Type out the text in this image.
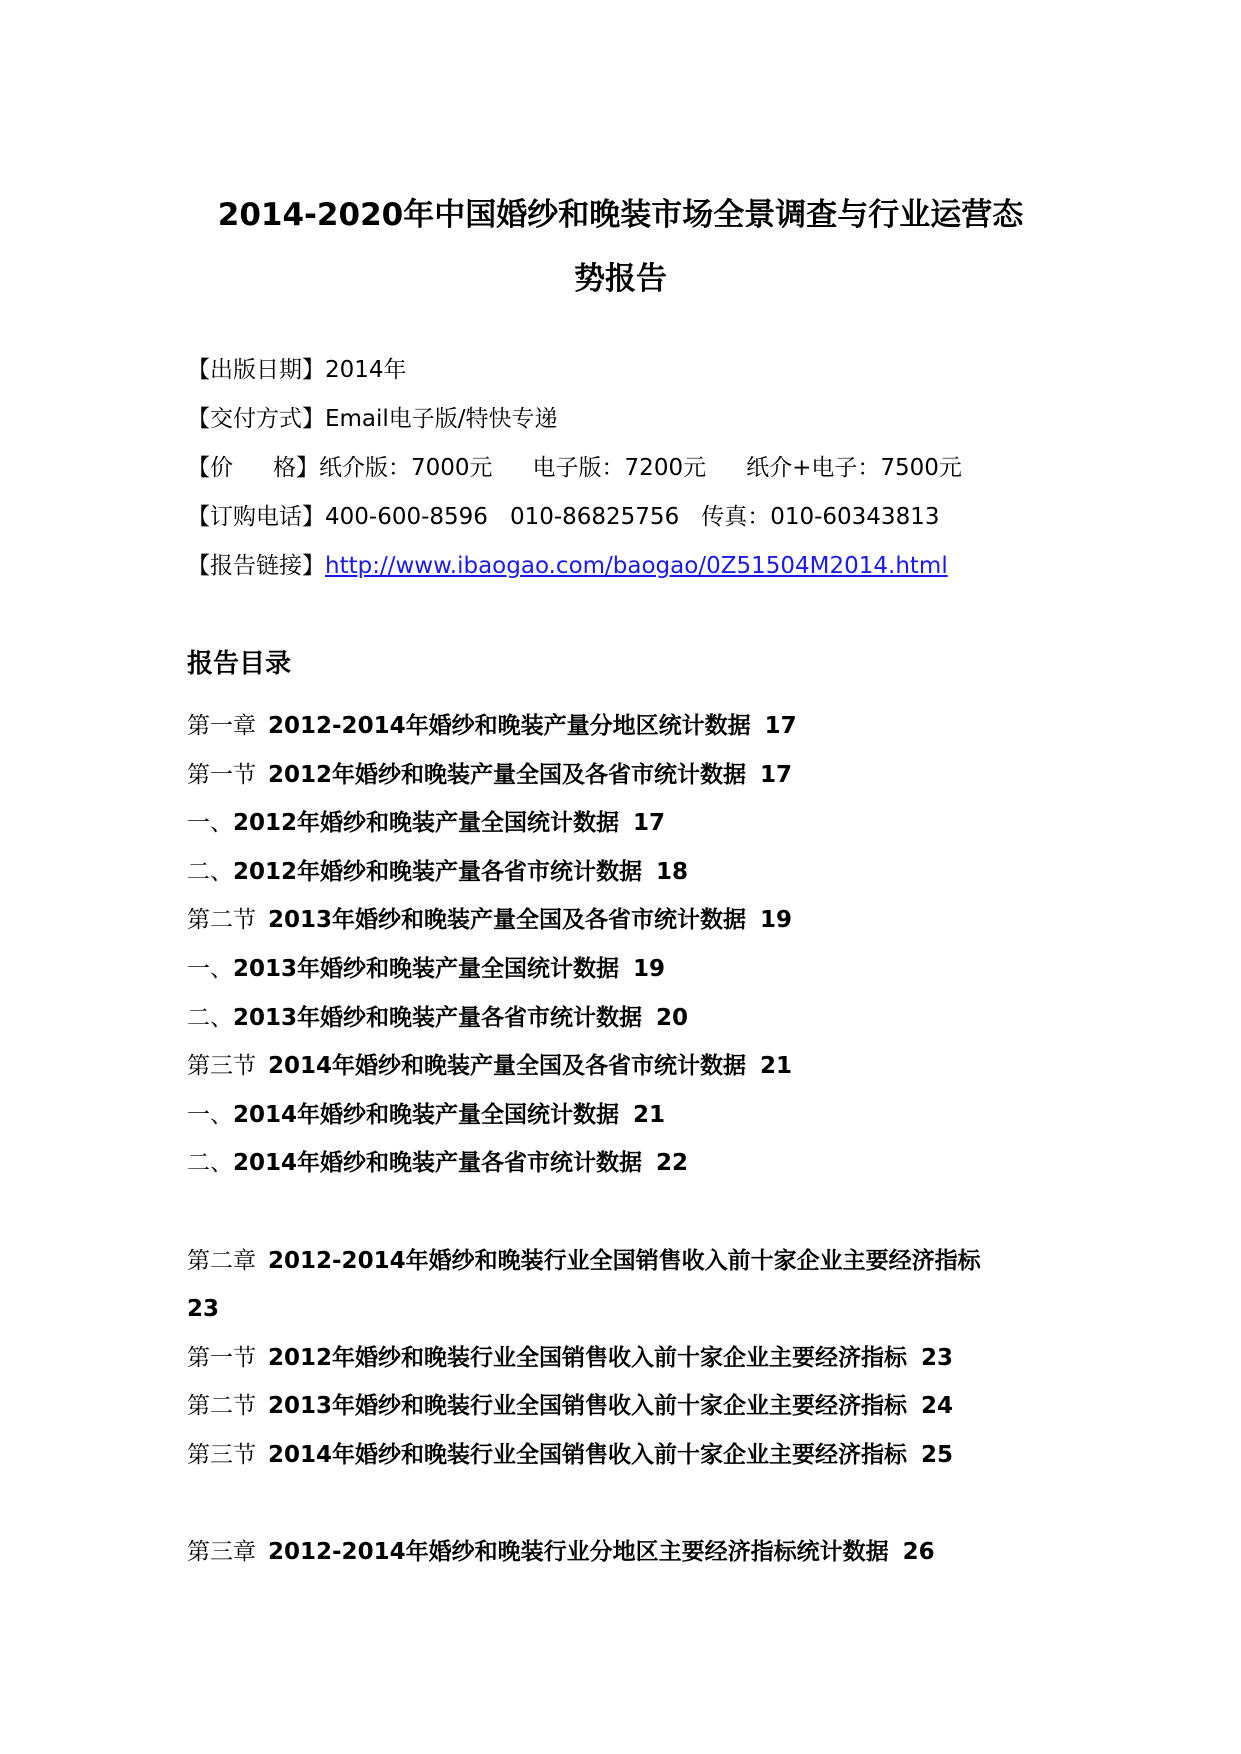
2014-2020年中国婚纱和晚装市场全景调查与行业运营态
势报告
【出版日期】2014年
【交付方式】Email电子版/特快专递
【价 格】纸介版：7000元 电子版：7200元 纸介+电子：7500元
【订购电话】400-600-8596 010-86825756 传真：010-60343813
【报告链接】http://www.ibaogao.com/baogao/0Z51504M2014.html
报告目录
第一章 2012-2014年婚纱和晚装产量分地区统计数据 17
第一节 2012年婚纱和晚装产量全国及各省市统计数据 17
一、2012年婚纱和晚装产量全国统计数据 17
二、2012年婚纱和晚装产量各省市统计数据 18
第二节 2013年婚纱和晚装产量全国及各省市统计数据 19
一、2013年婚纱和晚装产量全国统计数据 19
二、2013年婚纱和晚装产量各省市统计数据 20
第三节 2014年婚纱和晚装产量全国及各省市统计数据 21
一、2014年婚纱和晚装产量全国统计数据 21
二、2014年婚纱和晚装产量各省市统计数据 22
第二章 2012-2014年婚纱和晚装行业全国销售收入前十家企业主要经济指标
23
第一节 2012年婚纱和晚装行业全国销售收入前十家企业主要经济指标 23
第二节 2013年婚纱和晚装行业全国销售收入前十家企业主要经济指标 24
第三节 2014年婚纱和晚装行业全国销售收入前十家企业主要经济指标 25
第三章 2012-2014年婚纱和晚装行业分地区主要经济指标统计数据 26
